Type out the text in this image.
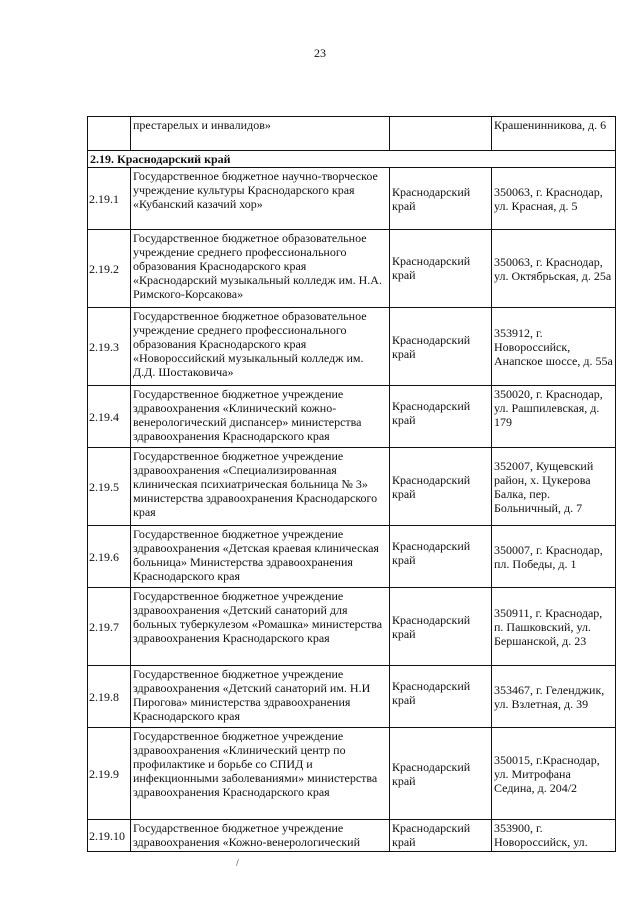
23
	престарелых и инвалидов»		Крашенинникова, д. 6
2.19. Краснодарский край			
2.19.1	Государственное бюджетное научно-творческое учреждение культуры Краснодарского края «Кубанский казачий хор»	Краснодарский край	350063, г. Краснодар, ул. Красная, д. 5
2.19.2	Государственное бюджетное образовательное учреждение среднего профессионального образования Краснодарского края «Краснодарский музыкальный колледж им. Н.А. Римского-Корсакова»	Краснодарский край	350063, г. Краснодар, ул. Октябрьская, д. 25а
2.19.3	Государственное бюджетное образовательное учреждение среднего профессионального образования Краснодарского края «Новороссийский музыкальный колледж им. Д.Д. Шостаковича»	Краснодарский край	353912, г. Новороссийск, Анапское шоссе, д. 55а
2.19.4	Государственное бюджетное учреждение здравоохранения «Клинический кожно-венерологический диспансер» министерства здравоохранения Краснодарского края	Краснодарский край	350020, г. Краснодар, ул. Рашпилевская, д. 179
2.19.5	Государственное бюджетное учреждение здравоохранения «Специализированная клиническая психиатрическая больница № 3» министерства здравоохранения Краснодарского края	Краснодарский край	352007, Кущевский район, х. Цукерова Балка, пер. Больничный, д. 7
2.19.6	Государственное бюджетное учреждение здравоохранения «Детская краевая клиническая больница» Министерства здравоохранения Краснодарского края	Краснодарский край	350007, г. Краснодар, пл. Победы, д. 1
2.19.7	Государственное бюджетное учреждение здравоохранения «Детский санаторий для больных туберкулезом «Ромашка» министерства здравоохранения Краснодарского края	Краснодарский край	350911, г. Краснодар, п. Пашковский, ул. Бершанской, д. 23
2.19.8	Государственное бюджетное учреждение здравоохранения «Детский санаторий им. Н.И Пирогова» министерства здравоохранения Краснодарского края	Краснодарский край	353467, г. Геленджик, ул. Взлетная, д. 39
2.19.9	Государственное бюджетное учреждение здравоохранения «Клинический центр по профилактике и борьбе со СПИД и инфекционными заболеваниями» министерства здравоохранения Краснодарского края	Краснодарский край	350015, г.Краснодар, ул. Митрофана Седина, д. 204/2
2.19.10	Государственное бюджетное учреждение здравоохранения «Кожно-венерологический	Краснодарский край	353900, г. Новороссийск, ул.
/
